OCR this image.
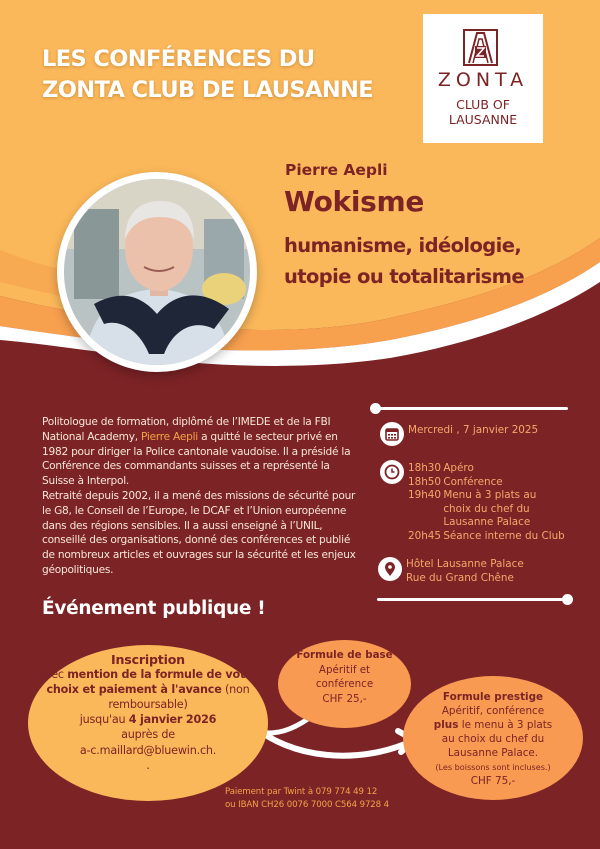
LES CONFÉRENCES DU
ZONTA CLUB DE LAUSANNE	ZONTA
CLUB OF
LAUSANNE
Pierre Aepli
Wokisme
humanisme, idéologie,
utopie ou totalitarisme
Politologue de formation, diplômé de l’IMEDE et de la FBI National Academy, Pierre Aepli a quitté le secteur privé en 1982 pour diriger la Police cantonale vaudoise. Il a présidé la Conférence des commandants suisses et a représenté la Suisse à Interpol.
Retraité depuis 2002, il a mené des missions de sécurité pour le G8, le Conseil de l’Europe, le DCAF et l’Union européenne dans des régions sensibles. Il a aussi enseigné à l’UNIL, conseillé des organisations, donné des conférences et publié de nombreux articles et ouvrages sur la sécurité et les enjeux géopolitiques.
Mercredi , 7 janvier 2025
18h30 Apéro
18h50 Conférence
19h40 Menu à 3 plats au
choix du chef du
Lausanne Palace
20h45 Séance interne du Club
Hôtel Lausanne Palace
Rue du Grand Chêne
Événement publique !
Inscription
avec mention de la formule de votre choix et paiement à l'avance (non remboursable)
jusqu'au 4 janvier 2026
auprès de
a-c.maillard@bluewin.ch.
.
Formule de base
Apéritif et
conférence
CHF 25,-	Formule prestige
Apéritif, conférence
plus le menu à 3 plats
au choix du chef du
Lausanne Palace.
(Les boissons sont incluses.)
CHF 75,-
Paiement par Twint à 079 774 49 12
ou IBAN CH26 0076 7000 C564 9728 4
